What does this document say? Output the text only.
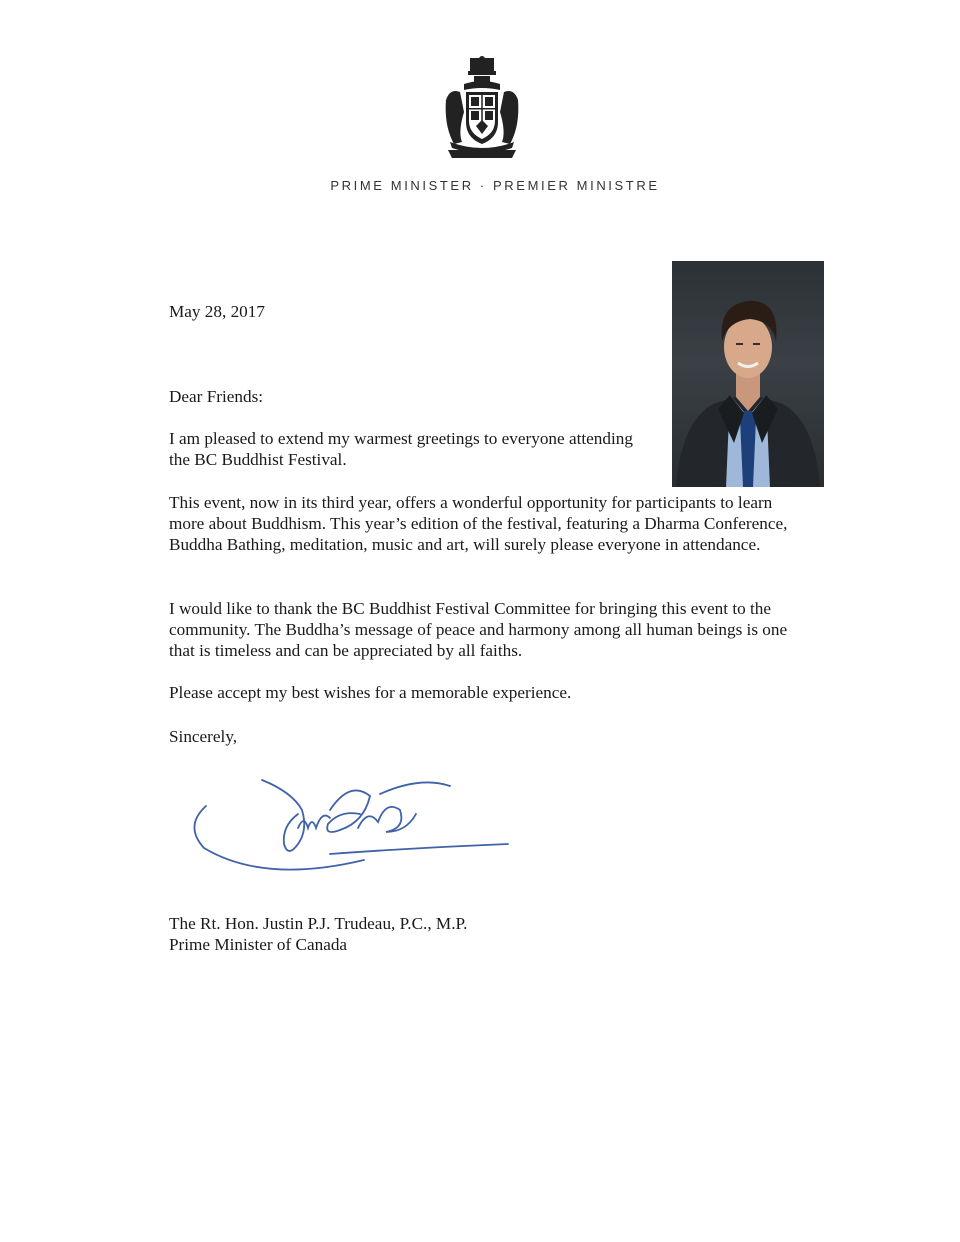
PRIME MINISTER · PREMIER MINISTRE
May 28, 2017
Dear Friends:
I am pleased to extend my warmest greetings to everyone attending the BC Buddhist Festival.
This event, now in its third year, offers a wonderful opportunity for participants to learn more about Buddhism. This year’s edition of the festival, featuring a Dharma Conference, Buddha Bathing, meditation, music and art, will surely please everyone in attendance.
I would like to thank the BC Buddhist Festival Committee for bringing this event to the community. The Buddha’s message of peace and harmony among all human beings is one that is timeless and can be appreciated by all faiths.
Please accept my best wishes for a memorable experience.
Sincerely,
The Rt. Hon. Justin P.J. Trudeau, P.C., M.P.
Prime Minister of Canada
